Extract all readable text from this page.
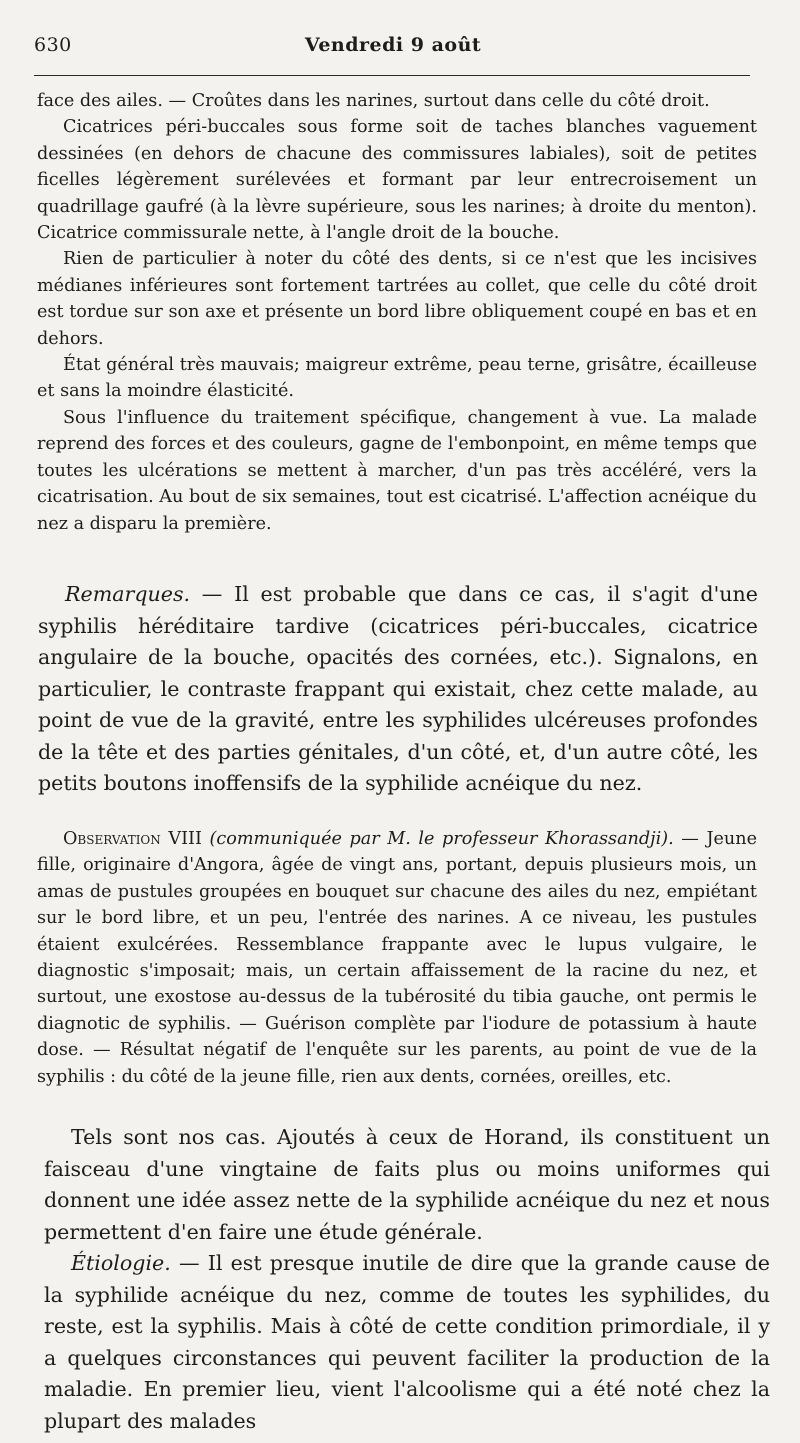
630	Vendredi 9 août

face des ailes. — Croûtes dans les narines, surtout dans celle du côté droit.

Cicatrices péri-buccales sous forme soit de taches blanches vaguement dessinées (en dehors de chacune des commissures labiales), soit de petites ficelles légèrement surélevées et formant par leur entrecroisement un quadrillage gaufré (à la lèvre supérieure, sous les narines; à droite du menton). Cicatrice commissurale nette, à l'angle droit de la bouche.

Rien de particulier à noter du côté des dents, si ce n'est que les incisives médianes inférieures sont fortement tartrées au collet, que celle du côté droit est tordue sur son axe et présente un bord libre obliquement coupé en bas et en dehors.

État général très mauvais; maigreur extrême, peau terne, grisâtre, écailleuse et sans la moindre élasticité.

Sous l'influence du traitement spécifique, changement à vue. La malade reprend des forces et des couleurs, gagne de l'embonpoint, en même temps que toutes les ulcérations se mettent à marcher, d'un pas très accéléré, vers la cicatrisation. Au bout de six semaines, tout est cicatrisé. L'affection acnéique du nez a disparu la première.

Remarques. — Il est probable que dans ce cas, il s'agit d'une syphilis héréditaire tardive (cicatrices péri-buccales, cicatrice angulaire de la bouche, opacités des cornées, etc.). Signalons, en particulier, le contraste frappant qui existait, chez cette malade, au point de vue de la gravité, entre les syphilides ulcéreuses profondes de la tête et des parties génitales, d'un côté, et, d'un autre côté, les petits boutons inoffensifs de la syphilide acnéique du nez.

Observation VIII (communiquée par M. le professeur Khorassandji). — Jeune fille, originaire d'Angora, âgée de vingt ans, portant, depuis plusieurs mois, un amas de pustules groupées en bouquet sur chacune des ailes du nez, empiétant sur le bord libre, et un peu, l'entrée des narines. A ce niveau, les pustules étaient exulcérées. Ressemblance frappante avec le lupus vulgaire, le diagnostic s'imposait; mais, un certain affaissement de la racine du nez, et surtout, une exostose au-dessus de la tubérosité du tibia gauche, ont permis le diagnotic de syphilis. — Guérison complète par l'iodure de potassium à haute dose. — Résultat négatif de l'enquête sur les parents, au point de vue de la syphilis : du côté de la jeune fille, rien aux dents, cornées, oreilles, etc.

Tels sont nos cas. Ajoutés à ceux de Horand, ils constituent un faisceau d'une vingtaine de faits plus ou moins uniformes qui donnent une idée assez nette de la syphilide acnéique du nez et nous permettent d'en faire une étude générale.

Étiologie. — Il est presque inutile de dire que la grande cause de la syphilide acnéique du nez, comme de toutes les syphilides, du reste, est la syphilis. Mais à côté de cette condition primordiale, il y a quelques circonstances qui peuvent faciliter la production de la maladie. En premier lieu, vient l'alcoolisme qui a été noté chez la plupart des malades
